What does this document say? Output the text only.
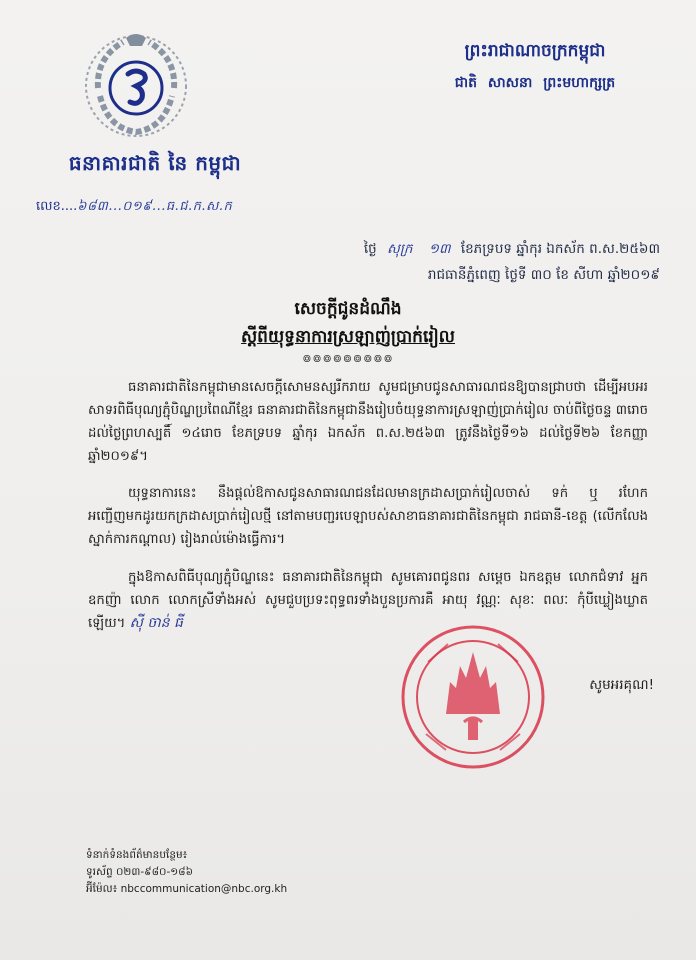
ធនាគារជាតិ នៃ កម្ពុជា
លេខ....៦៨៣...០១៩...ធ.ជ.ក.ស.ក
ព្រះរាជាណាចក្រកម្ពុជា
ជាតិ សាសនា ព្រះមហាក្សត្រ
ថ្ងៃ សុក្រ ១៣ ខែភទ្របទ ឆ្នាំកុរ ឯកស័ក ព.ស.២៥៦៣
រាជធានីភ្នំពេញ ថ្ងៃទី ៣០ ខែ សីហា ឆ្នាំ២០១៩
សេចក្តីជូនដំណឹង
ស្តីពីយុទ្ធនាការស្រឡាញ់ប្រាក់រៀល
៙៙៙៙៙៙៙៙៙
ធនាគារជាតិនៃកម្ពុជាមានសេចក្តីសោមនស្សរីករាយ សូមជម្រាបជូនសាធារណជនឱ្យបានជ្រាបថា ដើម្បីអបអរសាទរពិធីបុណ្យភ្ជុំបិណ្ឌប្រពៃណីខ្មែរ ធនាគារជាតិនៃកម្ពុជានឹងរៀបចំយុទ្ធនាការស្រឡាញ់ប្រាក់រៀល ចាប់ពីថ្ងៃចន្ទ ៣រោច ដល់ថ្ងៃព្រហស្បតិ៍ ១៤រោច ខែភទ្របទ ឆ្នាំកុរ ឯកស័ក ព.ស.២៥៦៣ ត្រូវនឹងថ្ងៃទី១៦ ដល់ថ្ងៃទី២៦ ខែកញ្ញា ឆ្នាំ២០១៩។
យុទ្ធនាការនេះ នឹងផ្តល់ឱកាសជូនសាធារណជនដែលមានក្រដាសប្រាក់រៀលចាស់ ទក់ ឬ រហែក អញ្ជើញមកដូរយកក្រដាសប្រាក់រៀលថ្មី នៅតាមបញ្ជរបេឡាបស់សាខាធនាគារជាតិនៃកម្ពុជា រាជធានី-ខេត្ត (លើកលែងស្នាក់ការកណ្តាល) រៀងរាល់ម៉ោងធ្វើការ។
ក្នុងឱកាសពិធីបុណ្យភ្ជុំបិណ្ឌនេះ ធនាគារជាតិនៃកម្ពុជា សូមគោរពជូនពរ សម្តេច ឯកឧត្តម លោកជំទាវ អ្នកឧកញ៉ា លោក លោកស្រីទាំងអស់ សូមជួបប្រទះពុទ្ធពរទាំងបួនប្រការគឺ អាយុ វណ្ណៈ សុខៈ ពលៈ កុំបីឃ្លៀងឃ្លាតឡើយ។ ស៊ី ចាន់ ធី
សូមអរគុណ!
ទំនាក់ទំនងព័ត៌មានបន្ថែម៖
ទូរស័ព្ទ ០២៣-៩៨០-១៨៦
អ៊ីម៉ែល៖ nbccommunication@nbc.org.kh
